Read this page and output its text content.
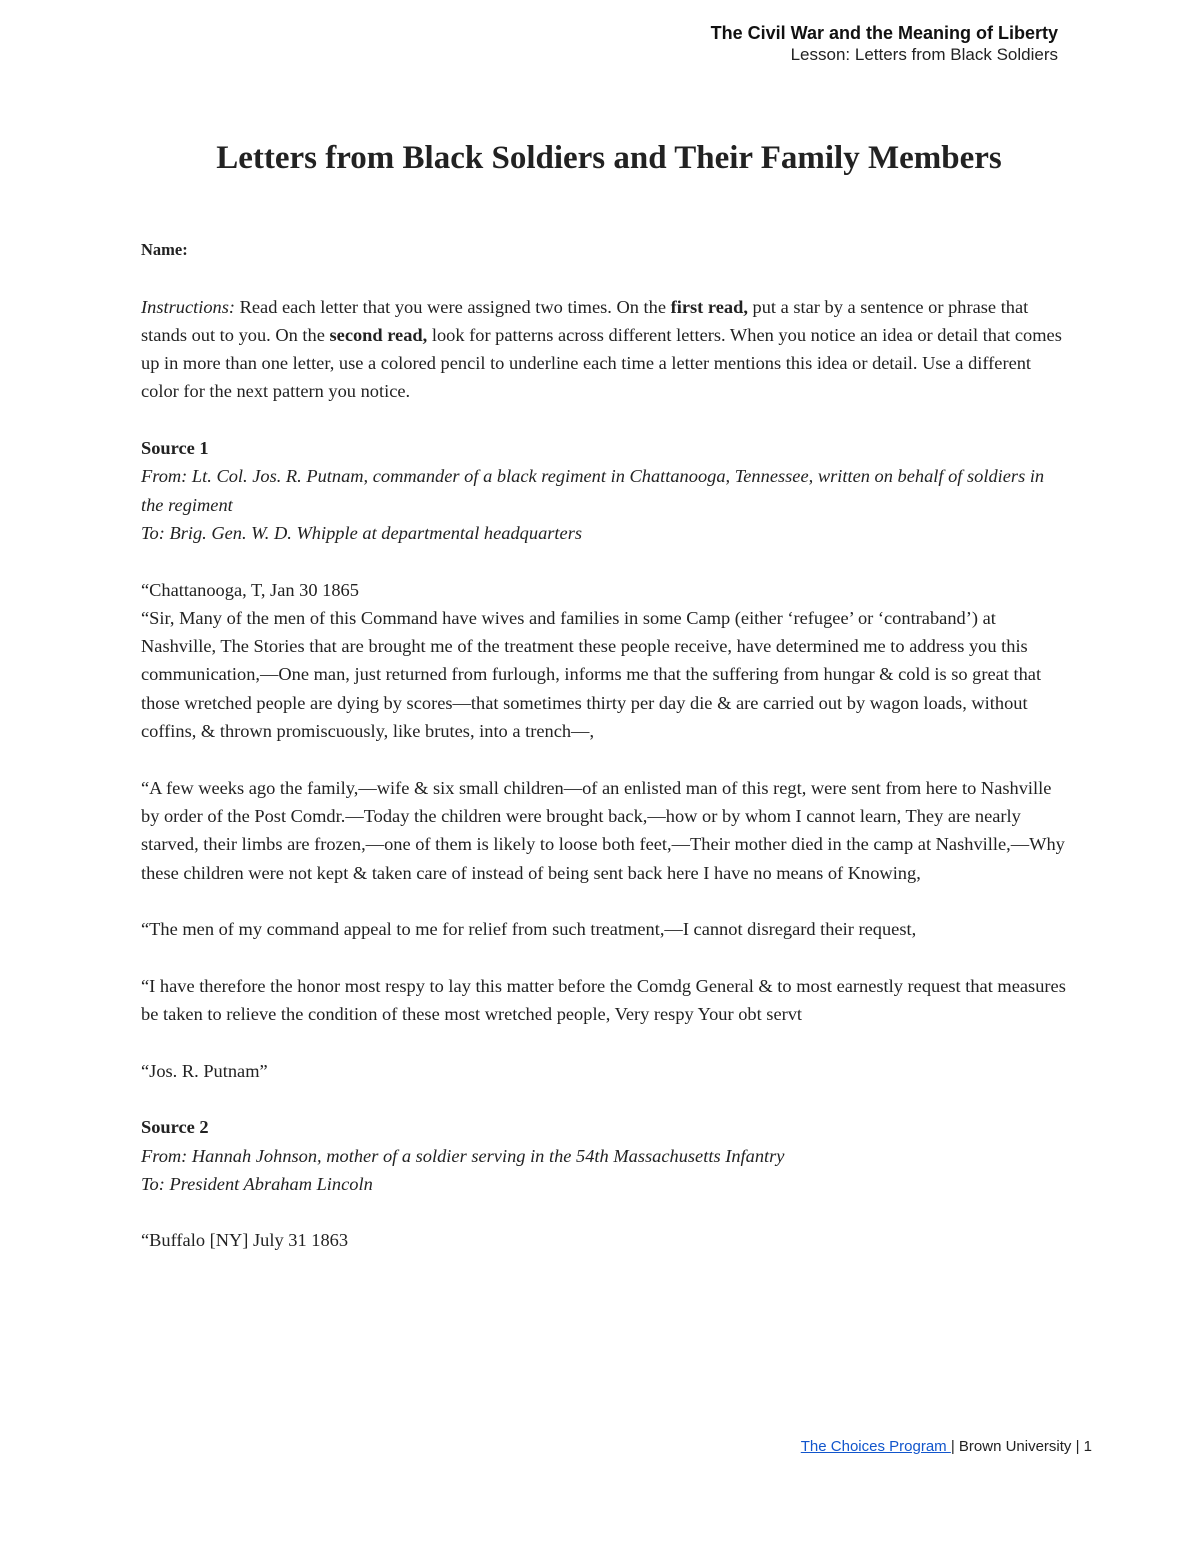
The Civil War and the Meaning of Liberty
Lesson: Letters from Black Soldiers
Letters from Black Soldiers and Their Family Members

Name:

Instructions: Read each letter that you were assigned two times. On the first read, put a star by a sentence or phrase that stands out to you. On the second read, look for patterns across different letters. When you notice an idea or detail that comes up in more than one letter, use a colored pencil to underline each time a letter mentions this idea or detail. Use a different color for the next pattern you notice.

Source 1

From: Lt. Col. Jos. R. Putnam, commander of a black regiment in Chattanooga, Tennessee, written on behalf of soldiers in the regiment

To: Brig. Gen. W. D. Whipple at departmental headquarters

“Chattanooga, T, Jan 30 1865

“Sir, Many of the men of this Command have wives and families in some Camp (either ‘refugee’ or ‘contraband’) at Nashville, The Stories that are brought me of the treatment these people receive, have determined me to address you this communication,—One man, just returned from furlough, informs me that the suffering from hungar & cold is so great that those wretched people are dying by scores—that sometimes thirty per day die & are carried out by wagon loads, without coffins, & thrown promiscuously, like brutes, into a trench—,

“A few weeks ago the family,—wife & six small children—of an enlisted man of this regt, were sent from here to Nashville by order of the Post Comdr.—Today the children were brought back,—how or by whom I cannot learn, They are nearly starved, their limbs are frozen,—one of them is likely to loose both feet,—Their mother died in the camp at Nashville,—Why these children were not kept & taken care of instead of being sent back here I have no means of Knowing,

“The men of my command appeal to me for relief from such treatment,—I cannot disregard their request,

“I have therefore the honor most respy to lay this matter before the Comdg General & to most earnestly request that measures be taken to relieve the condition of these most wretched people, Very respy Your obt servt

“Jos. R. Putnam”

Source 2

From: Hannah Johnson, mother of a soldier serving in the 54th Massachusetts Infantry

To: President Abraham Lincoln

“Buffalo [NY] July 31 1863

The Choices Program | Brown University | 1
